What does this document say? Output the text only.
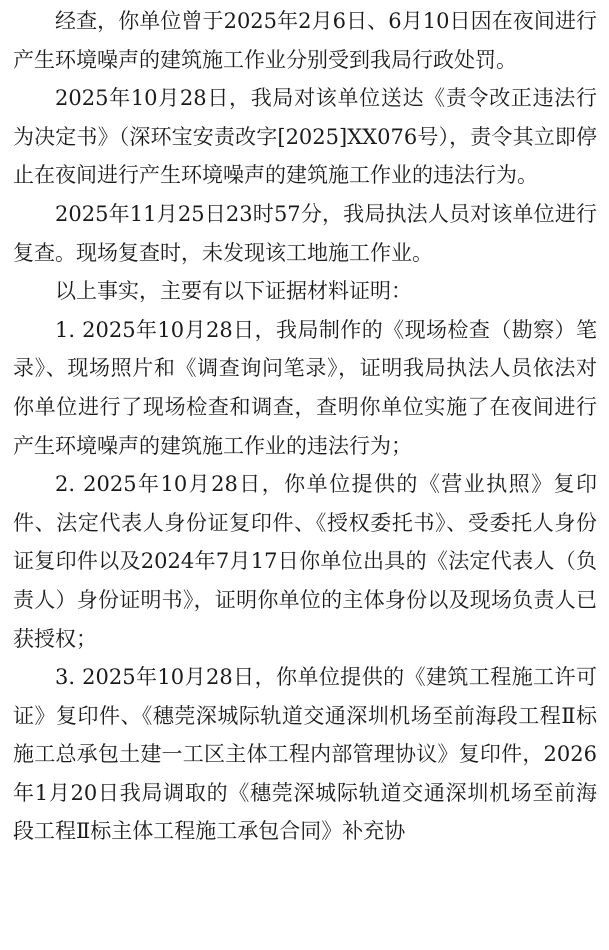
经查，你单位曾于2025年2月6日、6月10日因在夜间进行产生环境噪声的建筑施工作业分别受到我局行政处罚。

2025年10月28日，我局对该单位送达《责令改正违法行为决定书》（深环宝安责改字[2025]XX076号），责令其立即停止在夜间进行产生环境噪声的建筑施工作业的违法行为。

2025年11月25日23时57分，我局执法人员对该单位进行复查。现场复查时，未发现该工地施工作业。

以上事实，主要有以下证据材料证明：

1. 2025年10月28日，我局制作的《现场检查（勘察）笔录》、现场照片和《调查询问笔录》，证明我局执法人员依法对你单位进行了现场检查和调查，查明你单位实施了在夜间进行产生环境噪声的建筑施工作业的违法行为；

2. 2025年10月28日，你单位提供的《营业执照》复印件、法定代表人身份证复印件、《授权委托书》、受委托人身份证复印件以及2024年7月17日你单位出具的《法定代表人（负责人）身份证明书》，证明你单位的主体身份以及现场负责人已获授权；

3. 2025年10月28日，你单位提供的《建筑工程施工许可证》复印件、《穗莞深城际轨道交通深圳机场至前海段工程Ⅱ标施工总承包土建一工区主体工程内部管理协议》复印件，2026年1月20日我局调取的《穗莞深城际轨道交通深圳机场至前海段工程Ⅱ标主体工程施工承包合同》补充协
